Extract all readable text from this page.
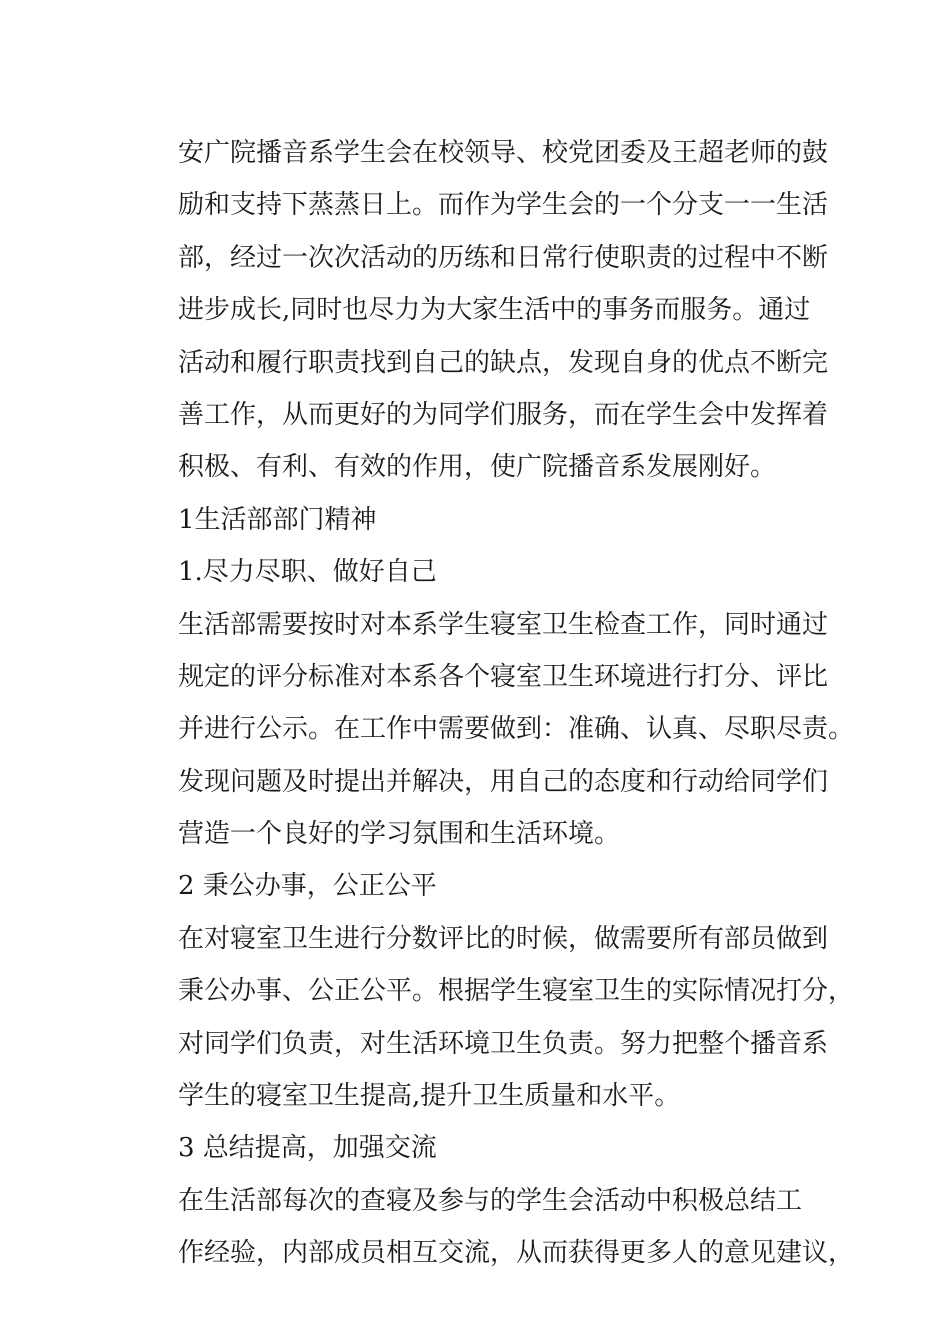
安广院播音系学生会在校领导、校党团委及王超老师的鼓
励和支持下蒸蒸日上。而作为学生会的一个分支一一生活
部，经过一次次活动的历练和日常行使职责的过程中不断
进步成长,同时也尽力为大家生活中的事务而服务。通过
活动和履行职责找到自己的缺点，发现自身的优点不断完
善工作，从而更好的为同学们服务，而在学生会中发挥着
积极、有利、有效的作用，使广院播音系发展刚好。
1生活部部门精神
1.尽力尽职、做好自己
生活部需要按时对本系学生寝室卫生检查工作，同时通过
规定的评分标准对本系各个寝室卫生环境进行打分、评比
并进行公示。在工作中需要做到：准确、认真、尽职尽责。
发现问题及时提出并解决，用自己的态度和行动给同学们
营造一个良好的学习氛围和生活环境。
2 秉公办事，公正公平
在对寝室卫生进行分数评比的时候，做需要所有部员做到
秉公办事、公正公平。根据学生寝室卫生的实际情况打分，
对同学们负责，对生活环境卫生负责。努力把整个播音系
学生的寝室卫生提高,提升卫生质量和水平。
3 总结提高，加强交流
在生活部每次的查寝及参与的学生会活动中积极总结工
作经验，内部成员相互交流，从而获得更多人的意见建议，
